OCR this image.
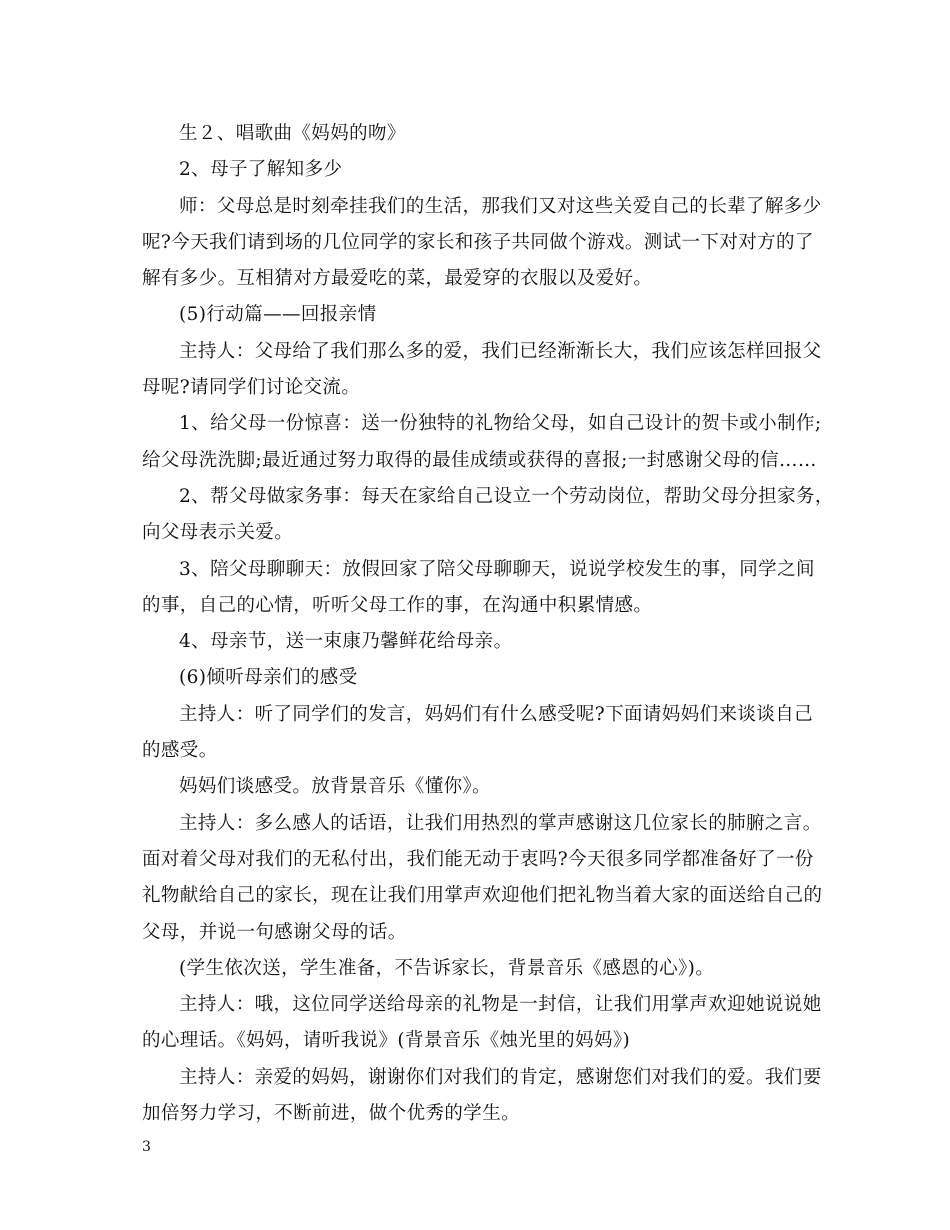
生２、唱歌曲《妈妈的吻》

2、母子了解知多少

师：父母总是时刻牵挂我们的生活，那我们又对这些关爱自己的长辈了解多少

呢?今天我们请到场的几位同学的家长和孩子共同做个游戏。测试一下对对方的了

解有多少。互相猜对方最爱吃的菜，最爱穿的衣服以及爱好。

(5)行动篇——回报亲情

主持人：父母给了我们那么多的爱，我们已经渐渐长大，我们应该怎样回报父

母呢?请同学们讨论交流。

1、给父母一份惊喜：送一份独特的礼物给父母，如自己设计的贺卡或小制作;

给父母洗洗脚;最近通过努力取得的最佳成绩或获得的喜报;一封感谢父母的信……

2、帮父母做家务事：每天在家给自己设立一个劳动岗位，帮助父母分担家务，

向父母表示关爱。

3、陪父母聊聊天：放假回家了陪父母聊聊天，说说学校发生的事，同学之间

的事，自己的心情，听听父母工作的事，在沟通中积累情感。

4、母亲节，送一束康乃馨鲜花给母亲。

(6)倾听母亲们的感受

主持人：听了同学们的发言，妈妈们有什么感受呢?下面请妈妈们来谈谈自己

的感受。

妈妈们谈感受。放背景音乐《懂你》。

主持人：多么感人的话语，让我们用热烈的掌声感谢这几位家长的肺腑之言。

面对着父母对我们的无私付出，我们能无动于衷吗?今天很多同学都准备好了一份

礼物献给自己的家长，现在让我们用掌声欢迎他们把礼物当着大家的面送给自己的

父母，并说一句感谢父母的话。

(学生依次送，学生准备，不告诉家长，背景音乐《感恩的心》)。

主持人：哦，这位同学送给母亲的礼物是一封信，让我们用掌声欢迎她说说她

的心理话。《妈妈，请听我说》(背景音乐《烛光里的妈妈》)

主持人：亲爱的妈妈，谢谢你们对我们的肯定，感谢您们对我们的爱。我们要

加倍努力学习，不断前进，做个优秀的学生。

3
